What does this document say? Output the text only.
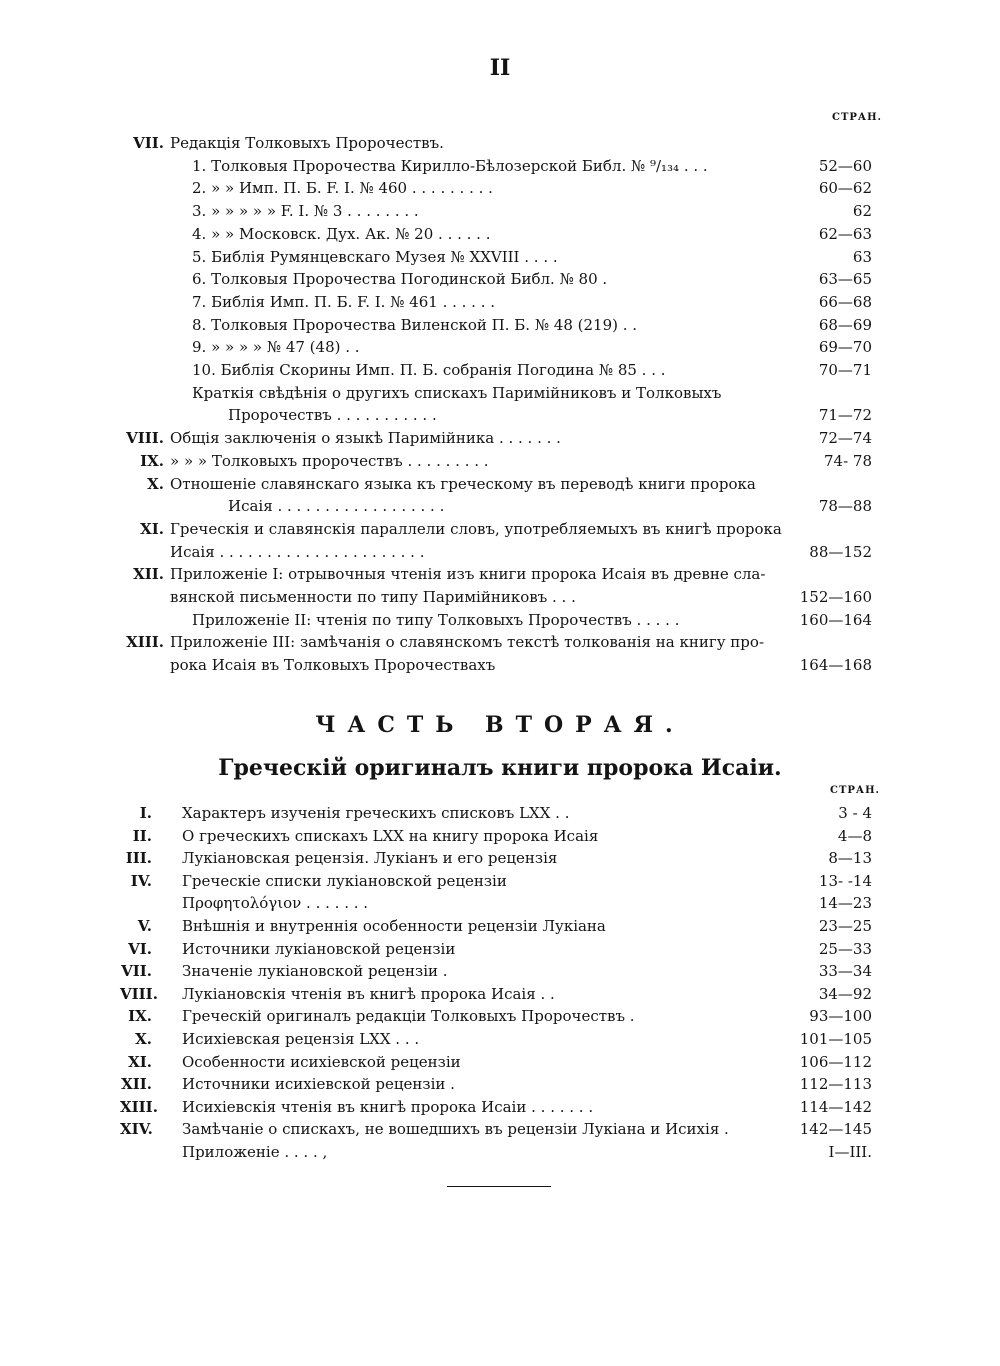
II
СТРАН.
VII. Редакція Толковыхъ Пророчествъ.
1. Толковыя Пророчества Кирилло-Бѣлозерской Библ. № ⁹/₁₃₄ . . .	52—60
2. » » Имп. П. Б. F. I. № 460 . . . . . . . . .	60—62
3. » » » » » F. I. № 3 . . . . . . . .	62
4. » » Московск. Дух. Ак. № 20 . . . . . .	62—63
5. Библія Румянцевскаго Музея № XXVIII . . . .	63
6. Толковыя Пророчества Погодинской Библ. № 80 .	63—65
7. Библія Имп. П. Б. F. I. № 461 . . . . . .	66—68
8. Толковыя Пророчества Виленской П. Б. № 48 (219) . .	68—69
9. » » » » № 47 (48) . .	69—70
10. Библія Скорины Имп. П. Б. собранія Погодина № 85 . . .	70—71
Краткія свѣдѣнія о другихъ спискахъ Паримійниковъ и Толковыхъ
Пророчествъ . . . . . . . . . . .	71—72
VIII. Общія заключенія о языкѣ Паримійника . . . . . . .	72—74
IX. » » » Толковыхъ пророчествъ . . . . . . . . .	74- 78
X. Отношеніе славянскаго языка къ греческому въ переводѣ книги пророка
Исаія . . . . . . . . . . . . . . . . . .	78—88
XI. Греческія и славянскія параллели словъ, употребляемыхъ въ книгѣ пророка
Исаія . . . . . . . . . . . . . . . . . . . . . .	88—152
XII. Приложеніе I: отрывочныя чтенія изъ книги пророка Исаія въ древне сла-
вянской письменности по типу Паримійниковъ . . .	152—160
Приложеніе II: чтенія по типу Толковыхъ Пророчествъ . . . . .	160—164
XIII. Приложеніе III: замѣчанія о славянскомъ текстѣ толкованія на книгу про-
рока Исаія въ Толковыхъ Пророчествахъ	164—168
ЧАСТЬ ВТОРАЯ.
Греческій оригиналъ книги пророка Исаіи.
СТРАН.
I. Характеръ изученія греческихъ списковъ LXX . .	3 - 4
II. О греческихъ спискахъ LXX на книгу пророка Исаія	4—8
III. Лукіановская рецензія. Лукіанъ и его рецензія	8—13
IV. Греческіе списки лукіановской рецензіи	13- -14
Προφητολόγιον . . . . . . .	14—23
V. Внѣшнія и внутреннія особенности рецензіи Лукіана	23—25
VI. Источники лукіановской рецензіи	25—33
VII. Значеніе лукіановской рецензіи .	33—34
VIII. Лукіановскія чтенія въ книгѣ пророка Исаія . .	34—92
IX. Греческій оригиналъ редакціи Толковыхъ Пророчествъ .	93—100
X. Исихіевская рецензія LXX . . .	101—105
XI. Особенности исихіевской рецензіи	106—112
XII. Источники исихіевской рецензіи .	112—113
XIII. Исихіевскія чтенія въ книгѣ пророка Исаіи . . . . . . .	114—142
XIV. Замѣчаніе о спискахъ, не вошедшихъ въ рецензіи Лукіана и Исихія .	142—145
Приложеніе . . . . ,	I—III.
